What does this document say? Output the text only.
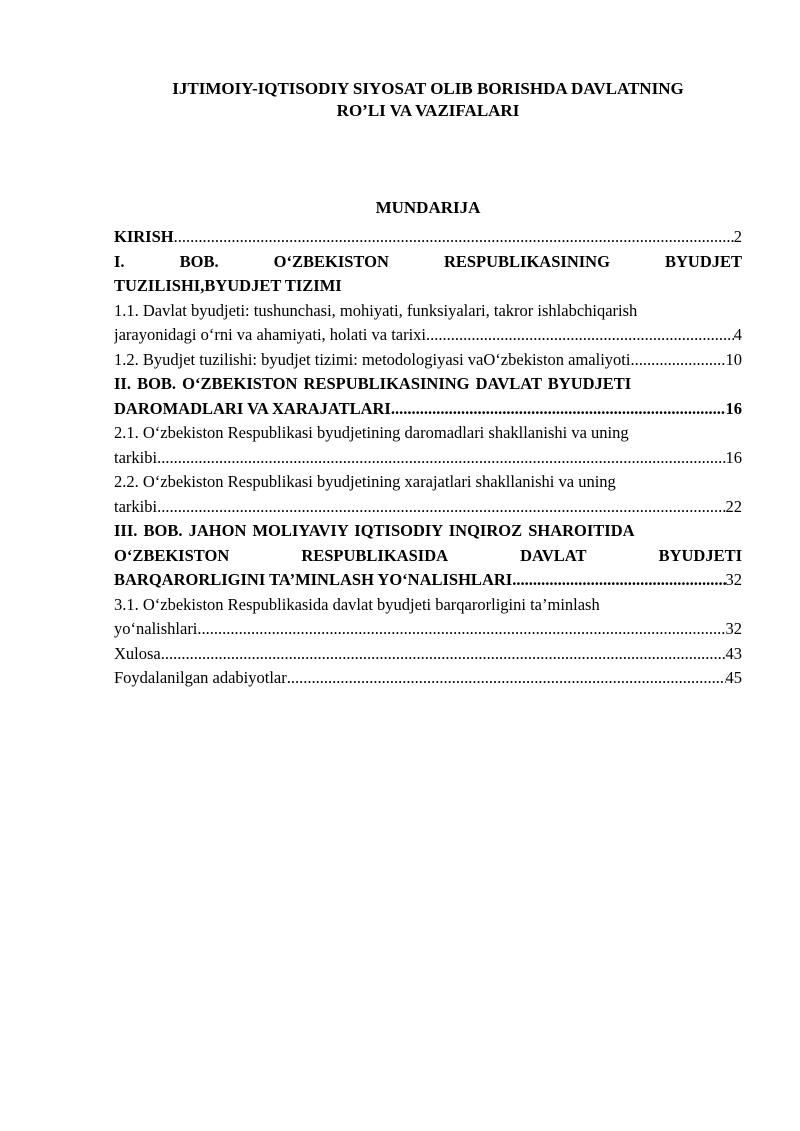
IJTIMOIY-IQTISODIY SIYOSAT OLIB BORISHDA DAVLATNING
RO’LI VA VAZIFALARI

MUNDARIJA

KIRISH .....	2
I.	BOB.	O‘ZBEKISTON	RESPUBLIKASINING	BYUDJET
TUZILISHI,BYUDJET TIZIMI
1.1. Davlat byudjeti: tushunchasi, mohiyati, funksiyalari, takror ishlabchiqarish
jarayonidagi o‘rni va ahamiyati, holati va tarixi .....	4
1.2. Byudjet tuzilishi: byudjet tizimi: metodologiyasi vaO‘zbekiston amaliyoti .....	10
II. BOB. O‘ZBEKISTON RESPUBLIKASINING DAVLAT BYUDJETI
DAROMADLARI VA XARAJATLARI .....	16
2.1. O‘zbekiston Respublikasi byudjetining daromadlari shakllanishi va uning
tarkibi .....	16
2.2. O‘zbekiston Respublikasi byudjetining xarajatlari shakllanishi va uning
tarkibi .....	22
III. BOB. JAHON MOLIYAVIY IQTISODIY INQIROZ SHAROITIDA
O‘ZBEKISTON	RESPUBLIKASIDA	DAVLAT	BYUDJETI
BARQARORLIGINI TA’MINLASH YO‘NALISHLARI .....	32
3.1. O‘zbekiston Respublikasida davlat byudjeti barqarorligini ta’minlash
yo‘nalishlari .....	32
Xulosa .....	43
Foydalanilgan adabiyotlar .....	45
